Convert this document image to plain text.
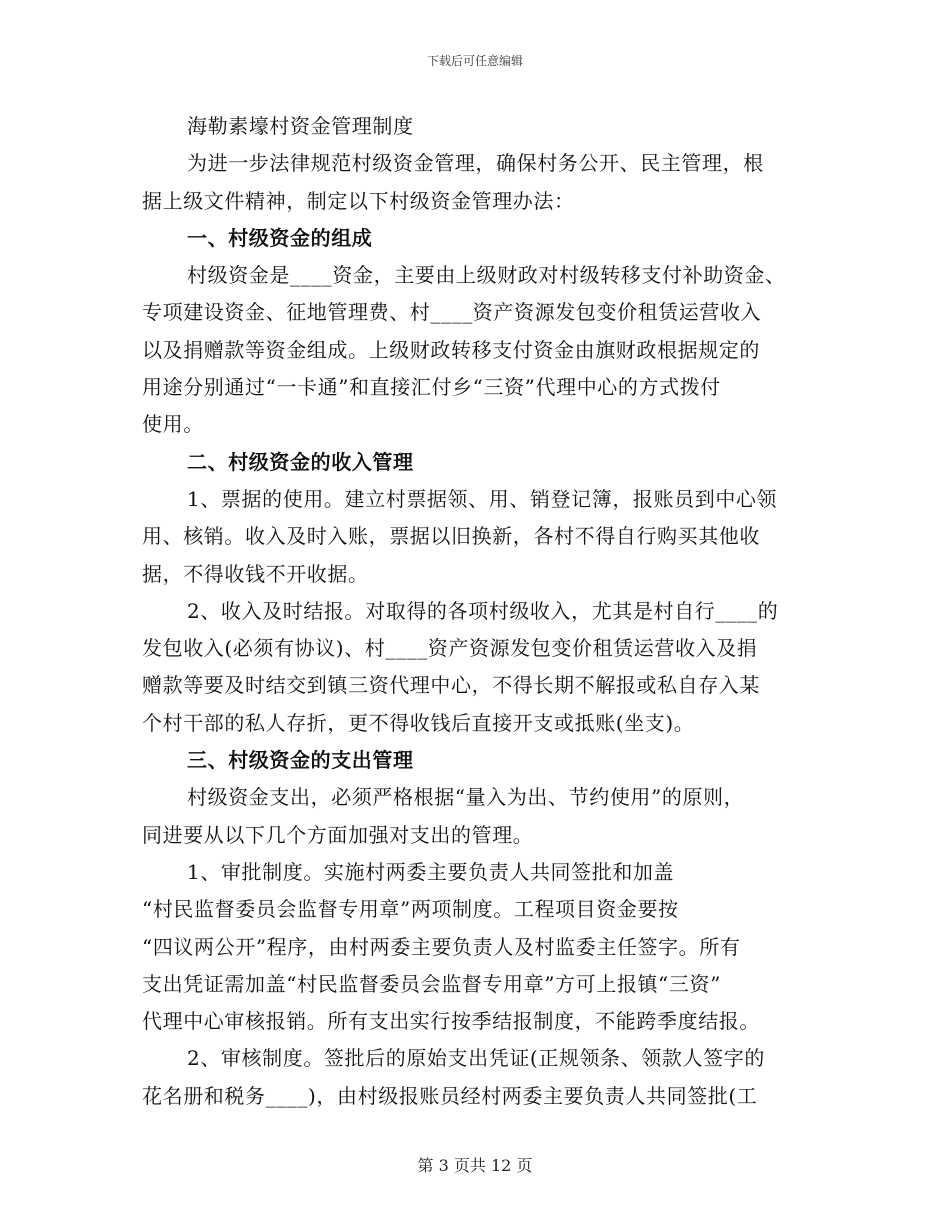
下载后可任意编辑
海勒素壕村资金管理制度
为进一步法律规范村级资金管理，确保村务公开、民主管理，根
据上级文件精神，制定以下村级资金管理办法：
一、村级资金的组成
村级资金是____资金，主要由上级财政对村级转移支付补助资金、
专项建设资金、征地管理费、村____资产资源发包变价租赁运营收入
以及捐赠款等资金组成。上级财政转移支付资金由旗财政根据规定的
用途分别通过“一卡通”和直接汇付乡“三资”代理中心的方式拨付
使用。
二、村级资金的收入管理
1、票据的使用。建立村票据领、用、销登记簿，报账员到中心领
用、核销。收入及时入账，票据以旧换新，各村不得自行购买其他收
据，不得收钱不开收据。
2、收入及时结报。对取得的各项村级收入，尤其是村自行____的
发包收入(必须有协议)、村____资产资源发包变价租赁运营收入及捐
赠款等要及时结交到镇三资代理中心，不得长期不解报或私自存入某
个村干部的私人存折，更不得收钱后直接开支或抵账(坐支)。
三、村级资金的支出管理
村级资金支出，必须严格根据“量入为出、节约使用”的原则，
同进要从以下几个方面加强对支出的管理。
1、审批制度。实施村两委主要负责人共同签批和加盖
“村民监督委员会监督专用章”两项制度。工程项目资金要按
“四议两公开”程序，由村两委主要负责人及村监委主任签字。所有
支出凭证需加盖“村民监督委员会监督专用章”方可上报镇“三资”
代理中心审核报销。所有支出实行按季结报制度，不能跨季度结报。
2、审核制度。签批后的原始支出凭证(正规领条、领款人签字的
花名册和税务____)，由村级报账员经村两委主要负责人共同签批(工
第 3 页共 12 页
